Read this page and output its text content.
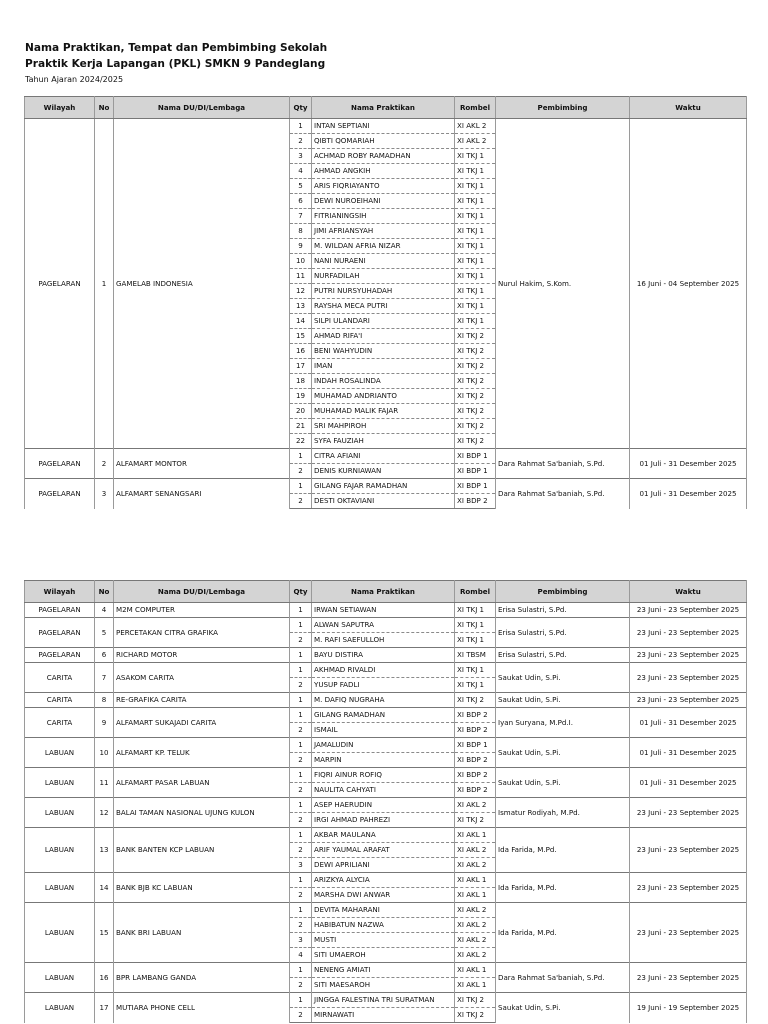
Nama Praktikan, Tempat dan Pembimbing Sekolah

Praktik Kerja Lapangan (PKL) SMKN 9 Pandeglang

Tahun Ajaran 2024/2025
Wilayah	No	Nama DU/DI/Lembaga	Qty	Nama Praktikan	Rombel	Pembimbing	Waktu
PAGELARAN	1	GAMELAB INDONESIA	1	INTAN SEPTIANI	XI AKL 2	Nurul Hakim, S.Kom.	16 Juni - 04 September 2025
			2	QIBTI QOMARIAH	XI AKL 2		
			3	ACHMAD ROBY RAMADHAN	XI TKJ 1		
			4	AHMAD ANGKIH	XI TKJ 1		
			5	ARIS FIQRIAYANTO	XI TKJ 1		
			6	DEWI NUROEIHANI	XI TKJ 1		
			7	FITRIANINGSIH	XI TKJ 1		
			8	JIMI AFRIANSYAH	XI TKJ 1		
			9	M. WILDAN AFRIA NIZAR	XI TKJ 1		
			10	NANI NURAENI	XI TKJ 1		
			11	NURFADILAH	XI TKJ 1		
			12	PUTRI NURSYUHADAH	XI TKJ 1		
			13	RAYSHA MECA PUTRI	XI TKJ 1		
			14	SILPI ULANDARI	XI TKJ 1		
			15	AHMAD RIFA'I	XI TKJ 2		
			16	BENI WAHYUDIN	XI TKJ 2		
			17	IMAN	XI TKJ 2		
			18	INDAH ROSALINDA	XI TKJ 2		
			19	MUHAMAD ANDRIANTO	XI TKJ 2		
			20	MUHAMAD MALIK FAJAR	XI TKJ 2		
			21	SRI MAHPIROH	XI TKJ 2		
			22	SYFA FAUZIAH	XI TKJ 2		
PAGELARAN	2	ALFAMART MONTOR	1	CITRA AFIANI	XI BDP 1	Dara Rahmat Sa'baniah, S.Pd.	01 Juli - 31 Desember 2025
			2	DENIS KURNIAWAN	XI BDP 1		
PAGELARAN	3	ALFAMART SENANGSARI	1	GILANG FAJAR RAMADHAN	XI BDP 1	Dara Rahmat Sa'baniah, S.Pd.	01 Juli - 31 Desember 2025
			2	DESTI OKTAVIANI	XI BDP 2		
Wilayah	No	Nama DU/DI/Lembaga	Qty	Nama Praktikan	Rombel	Pembimbing	Waktu
PAGELARAN	4	M2M COMPUTER	1	IRWAN SETIAWAN	XI TKJ 1	Erisa Sulastri, S.Pd.	23 Juni - 23 September 2025
PAGELARAN	5	PERCETAKAN CITRA GRAFIKA	1	ALWAN SAPUTRA	XI TKJ 1	Erisa Sulastri, S.Pd.	23 Juni - 23 September 2025
			2	M. RAFI SAEFULLOH	XI TKJ 1		
PAGELARAN	6	RICHARD MOTOR	1	BAYU DISTIRA	XI TBSM	Erisa Sulastri, S.Pd.	23 Juni - 23 September 2025
CARITA	7	ASAKOM CARITA	1	AKHMAD RIVALDI	XI TKJ 1	Saukat Udin, S.Pi.	23 Juni - 23 September 2025
			2	YUSUP FADLI	XI TKJ 1		
CARITA	8	RE-GRAFIKA CARITA	1	M. DAFIQ NUGRAHA	XI TKJ 2	Saukat Udin, S.Pi.	23 Juni - 23 September 2025
CARITA	9	ALFAMART SUKAJADI CARITA	1	GILANG RAMADHAN	XI BDP 2	Iyan Suryana, M.Pd.I.	01 Juli - 31 Desember 2025
			2	ISMAIL	XI BDP 2		
LABUAN	10	ALFAMART KP. TELUK	1	JAMALUDIN	XI BDP 1	Saukat Udin, S.Pi.	01 Juli - 31 Desember 2025
			2	MARPIN	XI BDP 2		
LABUAN	11	ALFAMART PASAR LABUAN	1	FIQRI AINUR ROFIQ	XI BDP 2	Saukat Udin, S.Pi.	01 Juli - 31 Desember 2025
			2	NAULITA CAHYATI	XI BDP 2		
LABUAN	12	BALAI TAMAN NASIONAL UJUNG KULON	1	ASEP HAERUDIN	XI AKL 2	Ismatur Rodiyah, M.Pd.	23 Juni - 23 September 2025
			2	IRGI AHMAD PAHREZI	XI TKJ 2		
LABUAN	13	BANK BANTEN KCP LABUAN	1	AKBAR MAULANA	XI AKL 1	Ida Farida, M.Pd.	23 Juni - 23 September 2025
			2	ARIF YAUMAL ARAFAT	XI AKL 2		
			3	DEWI APRILIANI	XI AKL 2		
LABUAN	14	BANK BJB KC LABUAN	1	ARIZKYA ALYCIA	XI AKL 1	Ida Farida, M.Pd.	23 Juni - 23 September 2025
			2	MARSHA DWI ANWAR	XI AKL 1		
LABUAN	15	BANK BRI LABUAN	1	DEVITA MAHARANI	XI AKL 2	Ida Farida, M.Pd.	23 Juni - 23 September 2025
			2	HABIBATUN NAZWA	XI AKL 2		
			3	MUSTI	XI AKL 2		
			4	SITI UMAEROH	XI AKL 2		
LABUAN	16	BPR LAMBANG GANDA	1	NENENG AMIATI	XI AKL 1	Dara Rahmat Sa'baniah, S.Pd.	23 Juni - 23 September 2025
			2	SITI MAESAROH	XI AKL 1		
LABUAN	17	MUTIARA PHONE CELL	1	JINGGA FALESTINA TRI SURATMAN	XI TKJ 2	Saukat Udin, S.Pi.	19 Juni - 19 September 2025
			2	MIRNAWATI	XI TKJ 2		
